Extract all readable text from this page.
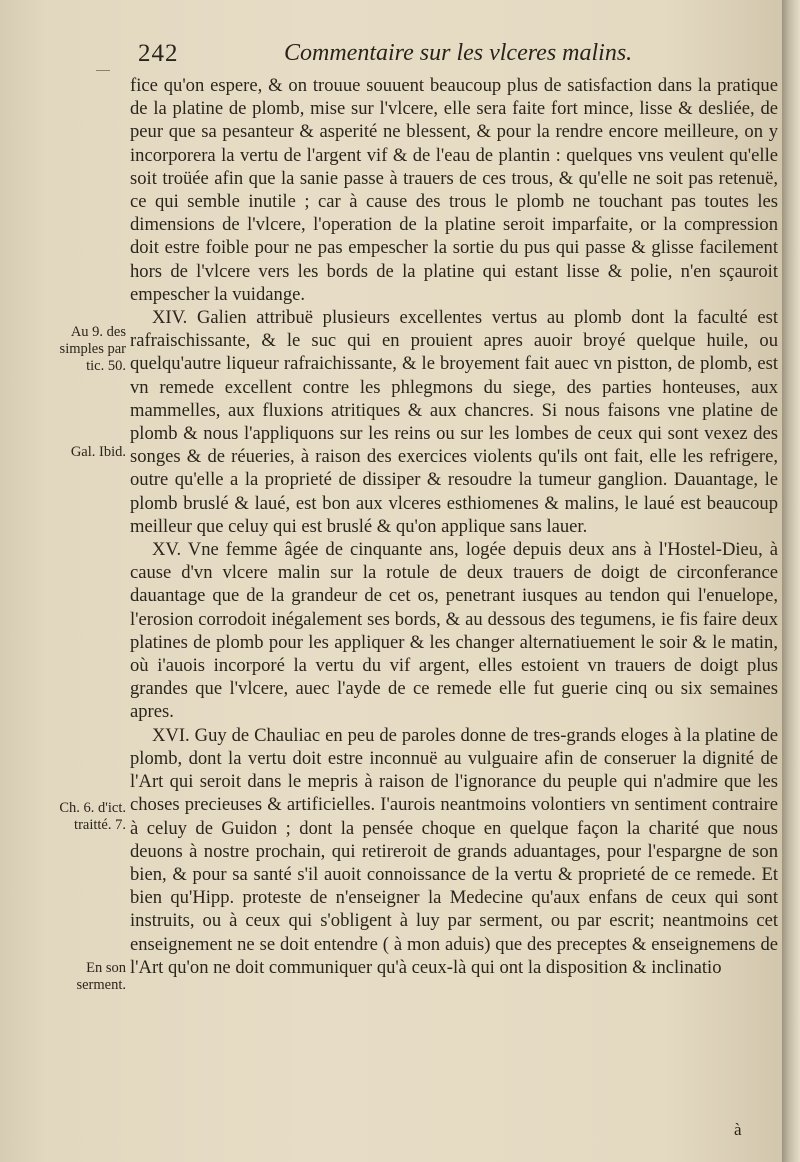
242	Commentaire sur les vlceres malins.
Au 9. des simples par tic. 50.
Gal. Ibid.
Ch. 6. d'ict. traitté. 7.
En son serment.

fice qu'on espere, & on trouue souuent beaucoup plus de satisfaction dans la pratique de la platine de plomb, mise sur l'vlcere, elle sera faite fort mince, lisse & desliée, de peur que sa pesanteur & asperité ne blessent, & pour la rendre encore meilleure, on y incorporera la vertu de l'argent vif & de l'eau de plantin : quelques vns veulent qu'elle soit troüée afin que la sanie passe à trauers de ces trous, & qu'elle ne soit pas retenuë, ce qui semble inutile ; car à cause des trous le plomb ne touchant pas toutes les dimensions de l'vlcere, l'operation de la platine seroit imparfaite, or la compression doit estre foible pour ne pas empescher la sortie du pus qui passe & glisse facilement hors de l'vlcere vers les bords de la platine qui estant lisse & polie, n'en sçauroit empescher la vuidange.

XIV. Galien attribuë plusieurs excellentes vertus au plomb dont la faculté est rafraischissante, & le suc qui en prouient apres auoir broyé quelque huile, ou quelqu'autre liqueur rafraichissante, & le broyement fait auec vn pistton, de plomb, est vn remede excellent contre les phlegmons du siege, des parties honteuses, aux mammelles, aux fluxions atritiques & aux chancres. Si nous faisons vne platine de plomb & nous l'appliquons sur les reins ou sur les lombes de ceux qui sont vexez des songes & de réueries, à raison des exercices violents qu'ils ont fait, elle les refrigere, outre qu'elle a la proprieté de dissiper & resoudre la tumeur ganglion. Dauantage, le plomb bruslé & laué, est bon aux vlceres esthiomenes & malins, le laué est beaucoup meilleur que celuy qui est bruslé & qu'on applique sans lauer.

XV. Vne femme âgée de cinquante ans, logée depuis deux ans à l'Hostel-Dieu, à cause d'vn vlcere malin sur la rotule de deux trauers de doigt de circonferance dauantage que de la grandeur de cet os, penetrant iusques au tendon qui l'enuelope, l'erosion corrodoit inégalement ses bords, & au dessous des tegumens, ie fis faire deux platines de plomb pour les appliquer & les changer alternatiuement le soir & le matin, où i'auois incorporé la vertu du vif argent, elles estoient vn trauers de doigt plus grandes que l'vlcere, auec l'ayde de ce remede elle fut guerie cinq ou six semaines apres.

XVI. Guy de Chauliac en peu de paroles donne de tres-grands eloges à la platine de plomb, dont la vertu doit estre inconnuë au vulguaire afin de conseruer la dignité de l'Art qui seroit dans le mepris à raison de l'ignorance du peuple qui n'admire que les choses precieuses & artificielles. I'aurois neantmoins volontiers vn sentiment contraire à celuy de Guidon ; dont la pensée choque en quelque façon la charité que nous deuons à nostre prochain, qui retireroit de grands aduantages, pour l'espargne de son bien, & pour sa santé s'il auoit connoissance de la vertu & proprieté de ce remede. Et bien qu'Hipp. proteste de n'enseigner la Medecine qu'aux enfans de ceux qui sont instruits, ou à ceux qui s'obligent à luy par serment, ou par escrit; neantmoins cet enseignement ne se doit entendre ( à mon aduis) que des preceptes & enseignemens de l'Art qu'on ne doit communiquer qu'à ceux-là qui ont la disposition & inclinatio

à
